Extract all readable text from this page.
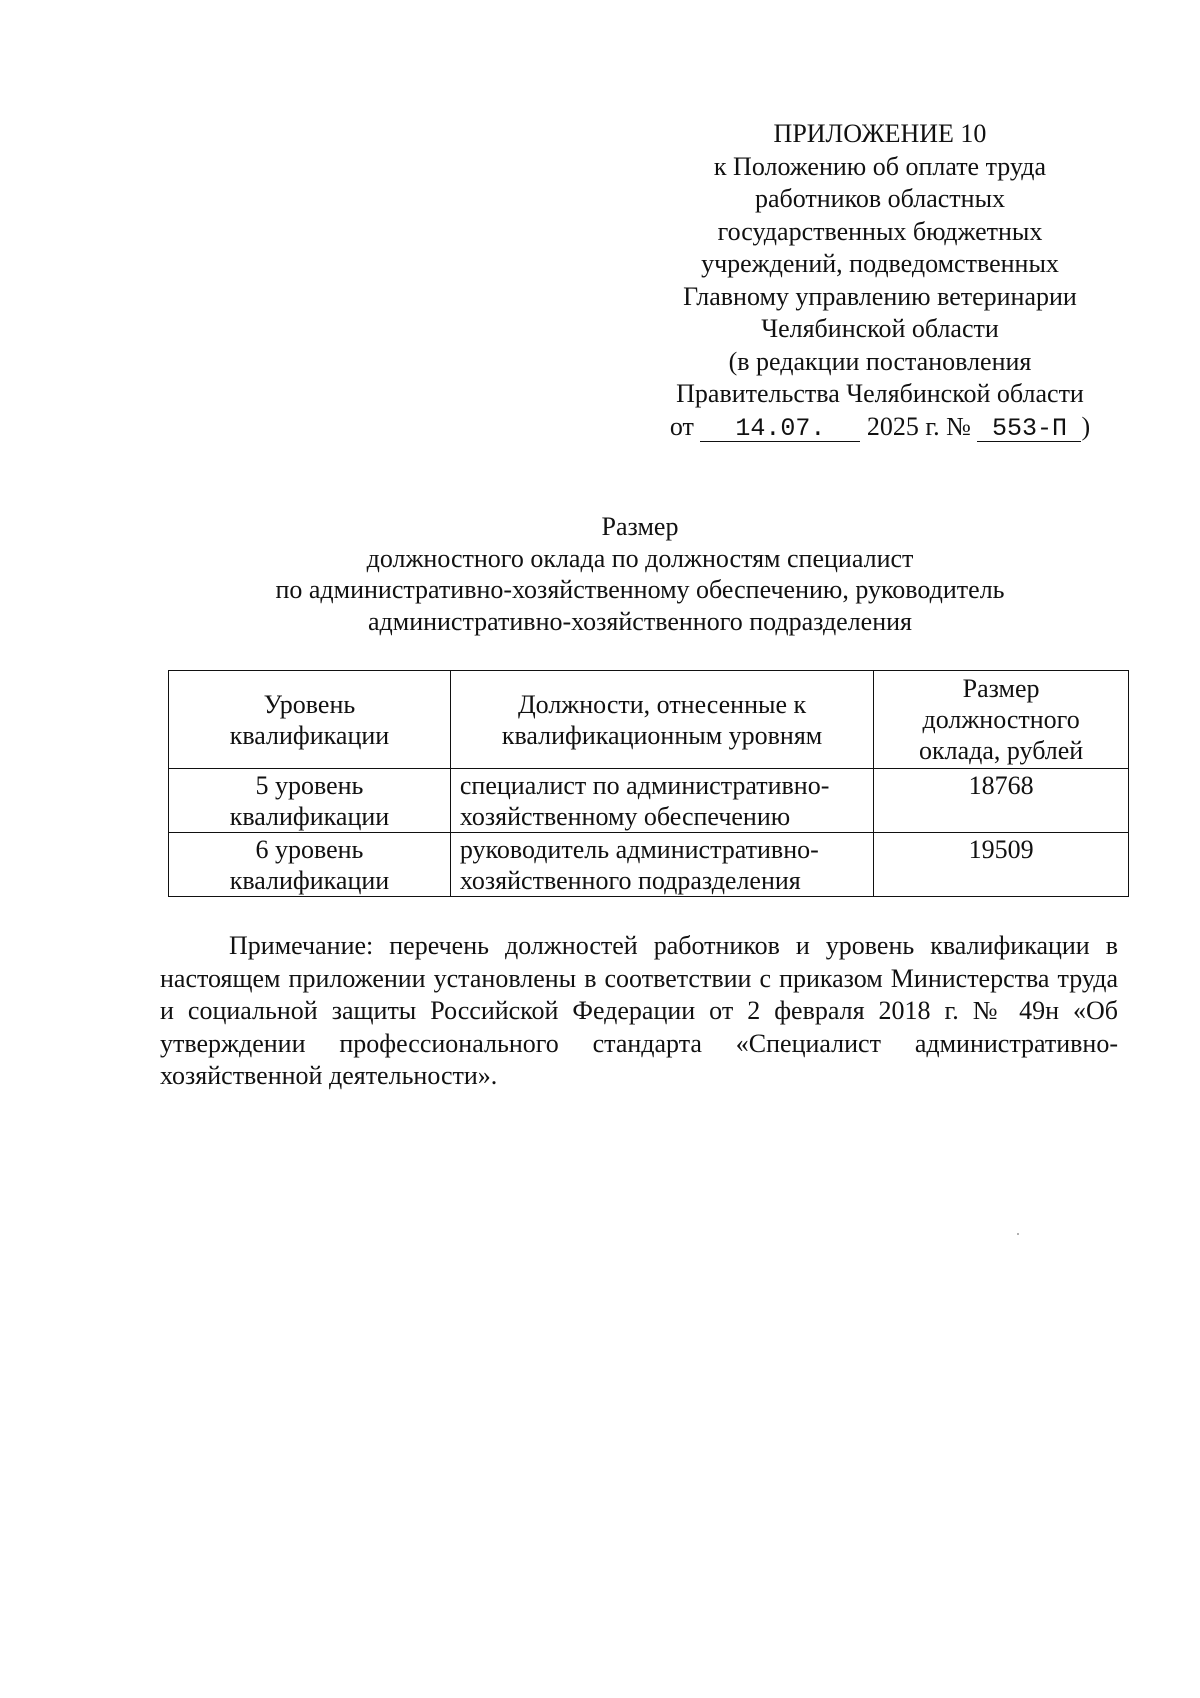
ПРИЛОЖЕНИЕ 10
к Положению об оплате труда
работников областных
государственных бюджетных
учреждений, подведомственных
Главному управлению ветеринарии
Челябинской области
(в редакции постановления
Правительства Челябинской области
от 14.07. 2025 г. № 553-П )
Размер
должностного оклада по должностям специалист
по административно-хозяйственному обеспечению, руководитель
административно-хозяйственного подразделения
Уровень квалификации	Должности, отнесенные к квалификационным уровням	Размер должностного оклада, рублей
5 уровень квалификации	специалист по административно-хозяйственному обеспечению	18768
6 уровень квалификации	руководитель административно-хозяйственного подразделения	19509
Примечание: перечень должностей работников и уровень квалификации в настоящем приложении установлены в соответствии с приказом Министерства труда и социальной защиты Российской Федерации от 2 февраля 2018 г. № 49н «Об утверждении профессионального стандарта «Специалист административно-хозяйственной деятельности».
